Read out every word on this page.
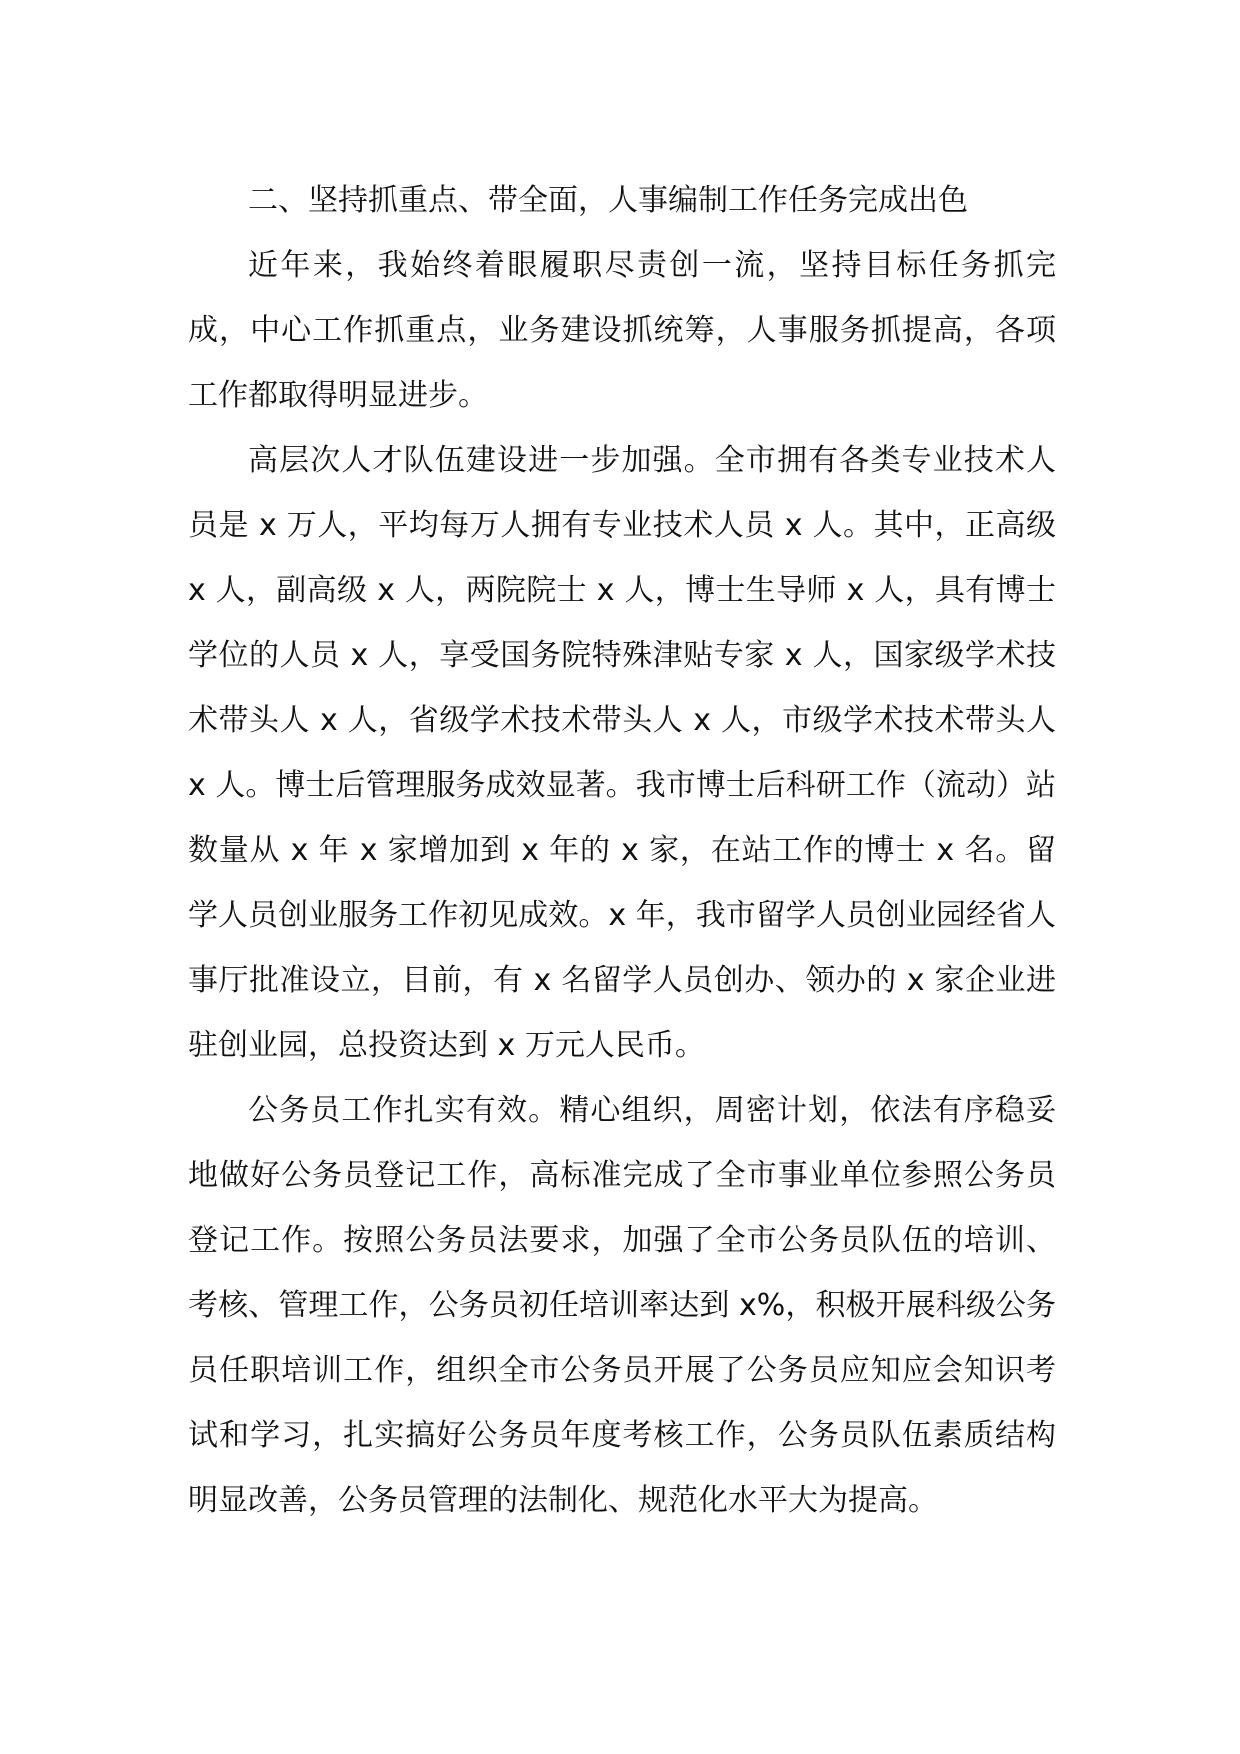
二、坚持抓重点、带全面，人事编制工作任务完成出色

近年来，我始终着眼履职尽责创一流，坚持目标任务抓完成，中心工作抓重点，业务建设抓统筹，人事服务抓提高，各项工作都取得明显进步。

高层次人才队伍建设进一步加强。全市拥有各类专业技术人员是 x 万人，平均每万人拥有专业技术人员 x 人。其中，正高级 x 人，副高级 x 人，两院院士 x 人，博士生导师 x 人，具有博士学位的人员 x 人，享受国务院特殊津贴专家 x 人，国家级学术技术带头人 x 人，省级学术技术带头人 x 人，市级学术技术带头人 x 人。博士后管理服务成效显著。我市博士后科研工作（流动）站数量从 x 年 x 家增加到 x 年的 x 家，在站工作的博士 x 名。留学人员创业服务工作初见成效。x 年，我市留学人员创业园经省人事厅批准设立，目前，有 x 名留学人员创办、领办的 x 家企业进驻创业园，总投资达到 x 万元人民币。

公务员工作扎实有效。精心组织，周密计划，依法有序稳妥地做好公务员登记工作，高标准完成了全市事业单位参照公务员登记工作。按照公务员法要求，加强了全市公务员队伍的培训、考核、管理工作，公务员初任培训率达到 x%，积极开展科级公务员任职培训工作，组织全市公务员开展了公务员应知应会知识考试和学习，扎实搞好公务员年度考核工作，公务员队伍素质结构明显改善，公务员管理的法制化、规范化水平大为提高。
